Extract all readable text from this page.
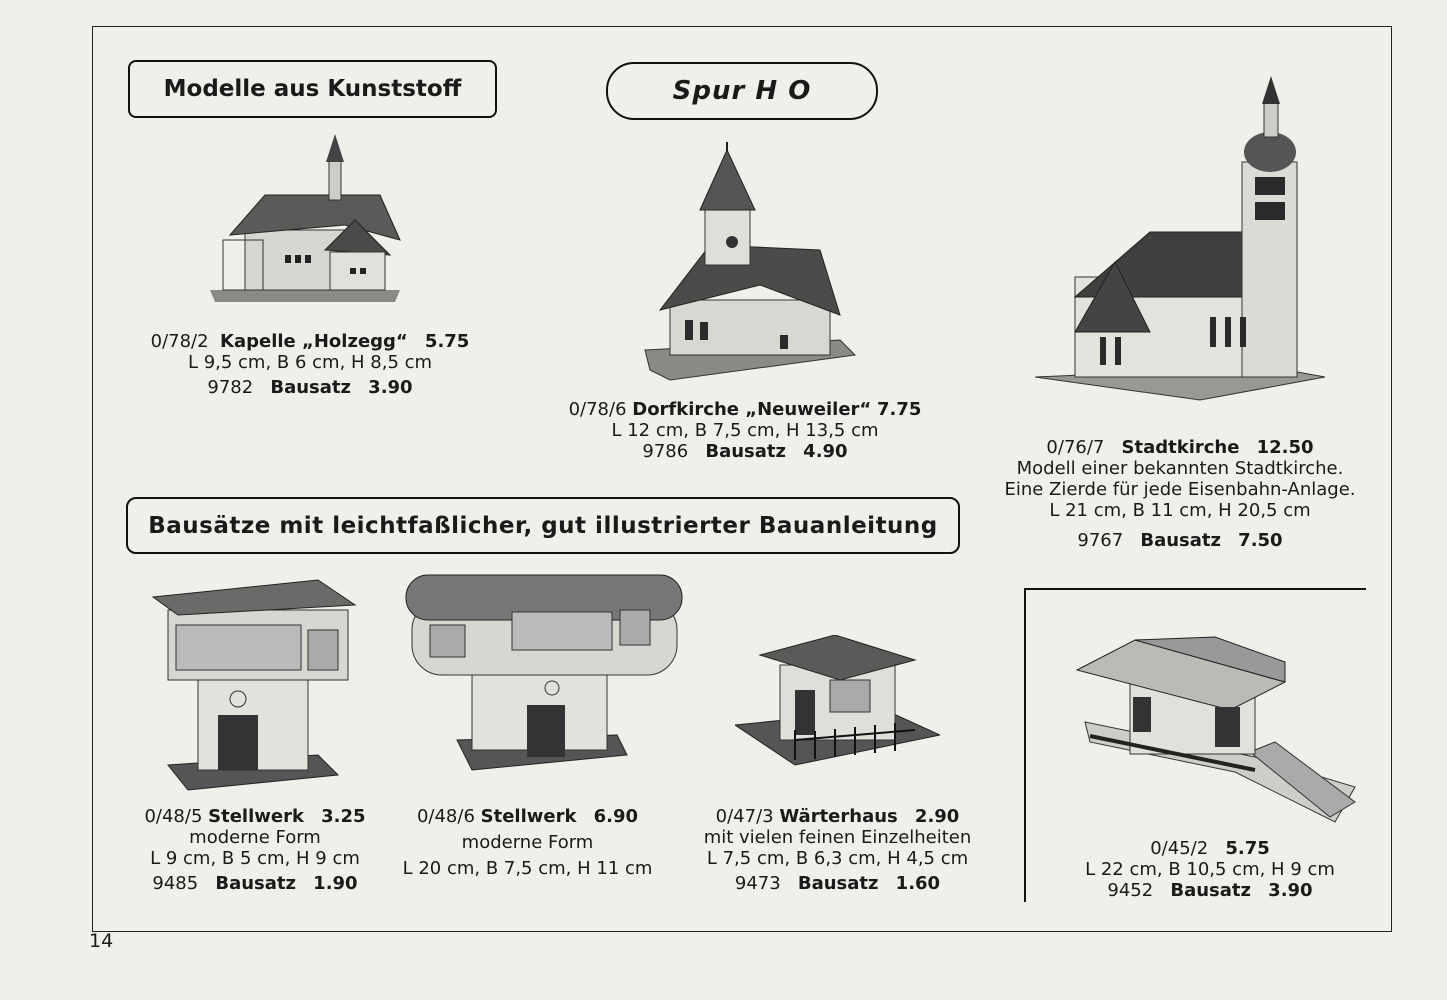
14
Modelle aus Kunststoff	Spur H O
Bausätze mit leichtfaßlicher, gut illustrierter Bauanleitung
0/78/2 Kapelle „Holzegg“ 5.75
L 9,5 cm, B 6 cm, H 8,5 cm
9782 Bausatz 3.90
0/78/6 Dorfkirche „Neuweiler“ 7.75
L 12 cm, B 7,5 cm, H 13,5 cm
9786 Bausatz 4.90	0/76/7 Stadtkirche 12.50
Modell einer bekannten Stadtkirche.
Eine Zierde für jede Eisenbahn-Anlage.
L 21 cm, B 11 cm, H 20,5 cm
9767 Bausatz 7.50
0/48/5 Stellwerk 3.25
moderne Form
L 9 cm, B 5 cm, H 9 cm
9485 Bausatz 1.90
0/48/6 Stellwerk 6.90
moderne Form
L 20 cm, B 7,5 cm, H 11 cm
0/47/3 Wärterhaus 2.90
mit vielen feinen Einzelheiten
L 7,5 cm, B 6,3 cm, H 4,5 cm
9473 Bausatz 1.60
0/45/2 5.75
L 22 cm, B 10,5 cm, H 9 cm
9452 Bausatz 3.90
